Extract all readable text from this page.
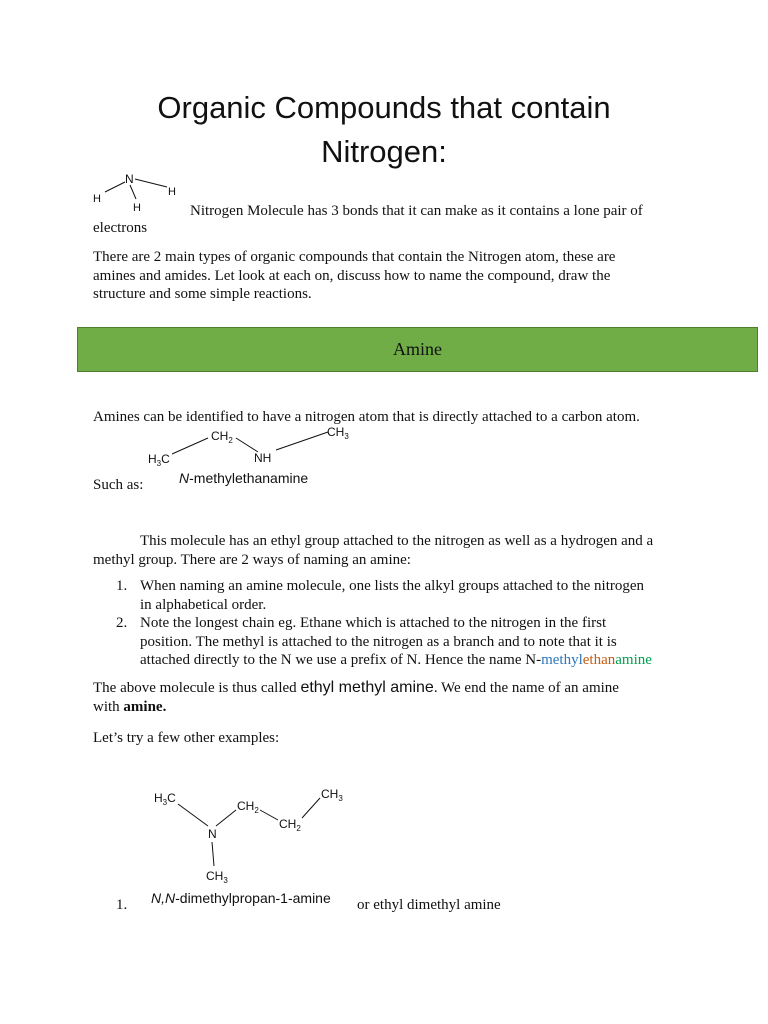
Organic Compounds that contain
Nitrogen:
N
H
H
H	Nitrogen Molecule has 3 bonds that it can make as it contains a lone pair of
electrons
There are 2 main types of organic compounds that contain the Nitrogen atom, these are
amines and amides. Let look at each on, discuss how to name the compound, draw the
structure and some simple reactions.
Amine
Amines can be identified to have a nitrogen atom that is directly attached to a carbon atom.
$H_3C$
$CH_2$
NH
$CH_3$
Such as:	N-methylethanamine
This molecule has an ethyl group attached to the nitrogen as well as a hydrogen and a
methyl group. There are 2 ways of naming an amine:
1. When naming an amine molecule, one lists the alkyl groups attached to the nitrogen
in alphabetical order.
2. Note the longest chain eg. Ethane which is attached to the nitrogen in the first
position. The methyl is attached to the nitrogen as a branch and to note that it is
attached directly to the N we use a prefix of N. Hence the name N-methylethanamine
The above molecule is thus called ethyl methyl amine. We end the name of an amine
with amine.
Let’s try a few other examples:
$H_3C$
$CH_2$
$CH_3$
$CH_2$
N
$CH_3$
1. N,N-dimethylpropan-1-amine or ethyl dimethyl amine
